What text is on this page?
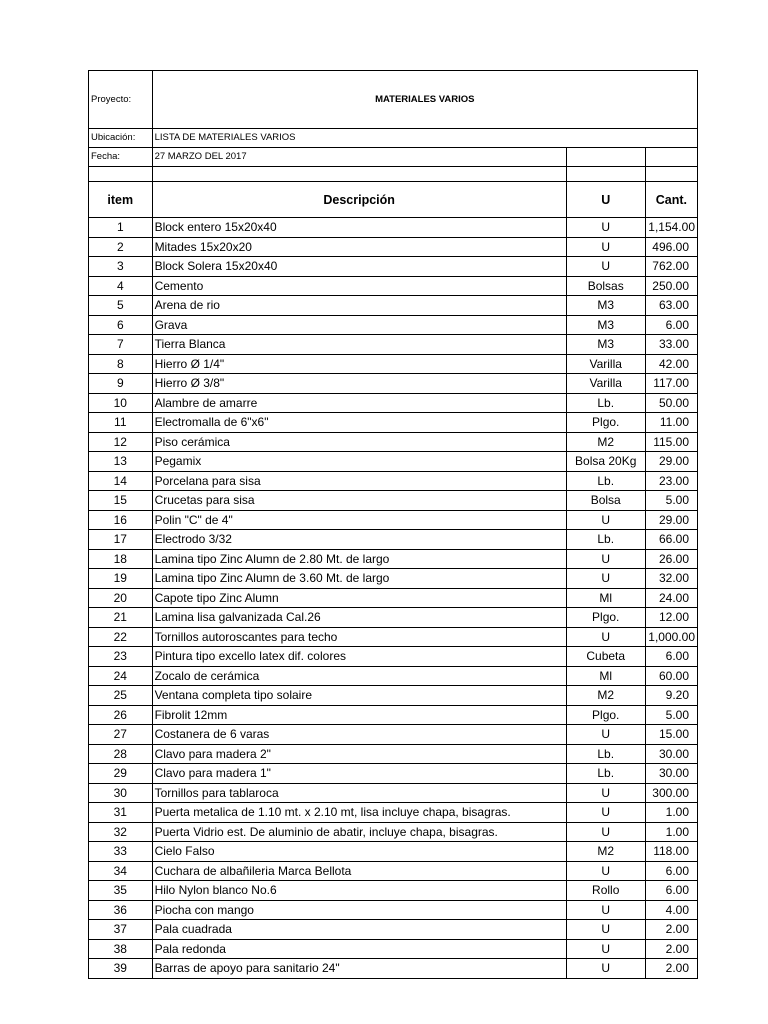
Proyecto:	MATERIALES VARIOS		
Ubicación:	LISTA DE MATERIALES VARIOS		
Fecha:	27 MARZO DEL 2017		

item	Descripción	U	Cant.
1	Block entero 15x20x40	U	1,154.00
2	Mitades 15x20x20	U	496.00
3	Block Solera 15x20x40	U	762.00
4	Cemento	Bolsas	250.00
5	Arena de rio	M3	63.00
6	Grava	M3	6.00
7	Tierra Blanca	M3	33.00
8	Hierro Ø 1/4"	Varilla	42.00
9	Hierro Ø 3/8"	Varilla	117.00
10	Alambre de amarre	Lb.	50.00
11	Electromalla de 6"x6"	Plgo.	11.00
12	Piso cerámica	M2	115.00
13	Pegamix	Bolsa 20Kg	29.00
14	Porcelana para sisa	Lb.	23.00
15	Crucetas para sisa	Bolsa	5.00
16	Polin "C" de 4"	U	29.00
17	Electrodo 3/32	Lb.	66.00
18	Lamina tipo Zinc Alumn de 2.80 Mt. de largo	U	26.00
19	Lamina tipo Zinc Alumn de 3.60 Mt. de largo	U	32.00
20	Capote tipo Zinc Alumn	Ml	24.00
21	Lamina lisa galvanizada Cal.26	Plgo.	12.00
22	Tornillos autoroscantes para techo	U	1,000.00
23	Pintura tipo excello latex dif. colores	Cubeta	6.00
24	Zocalo de cerámica	Ml	60.00
25	Ventana completa tipo solaire	M2	9.20
26	Fibrolit 12mm	Plgo.	5.00
27	Costanera de 6 varas	U	15.00
28	Clavo para madera 2"	Lb.	30.00
29	Clavo para madera 1"	Lb.	30.00
30	Tornillos para tablaroca	U	300.00
31	Puerta metalica de 1.10 mt. x 2.10 mt, lisa incluye chapa, bisagras.	U	1.00
32	Puerta Vidrio est. De aluminio de abatir, incluye chapa, bisagras.	U	1.00
33	Cielo Falso	M2	118.00
34	Cuchara de albañileria Marca Bellota	U	6.00
35	Hilo Nylon blanco No.6	Rollo	6.00
36	Piocha con mango	U	4.00
37	Pala cuadrada	U	2.00
38	Pala redonda	U	2.00
39	Barras de apoyo para sanitario 24"	U	2.00
